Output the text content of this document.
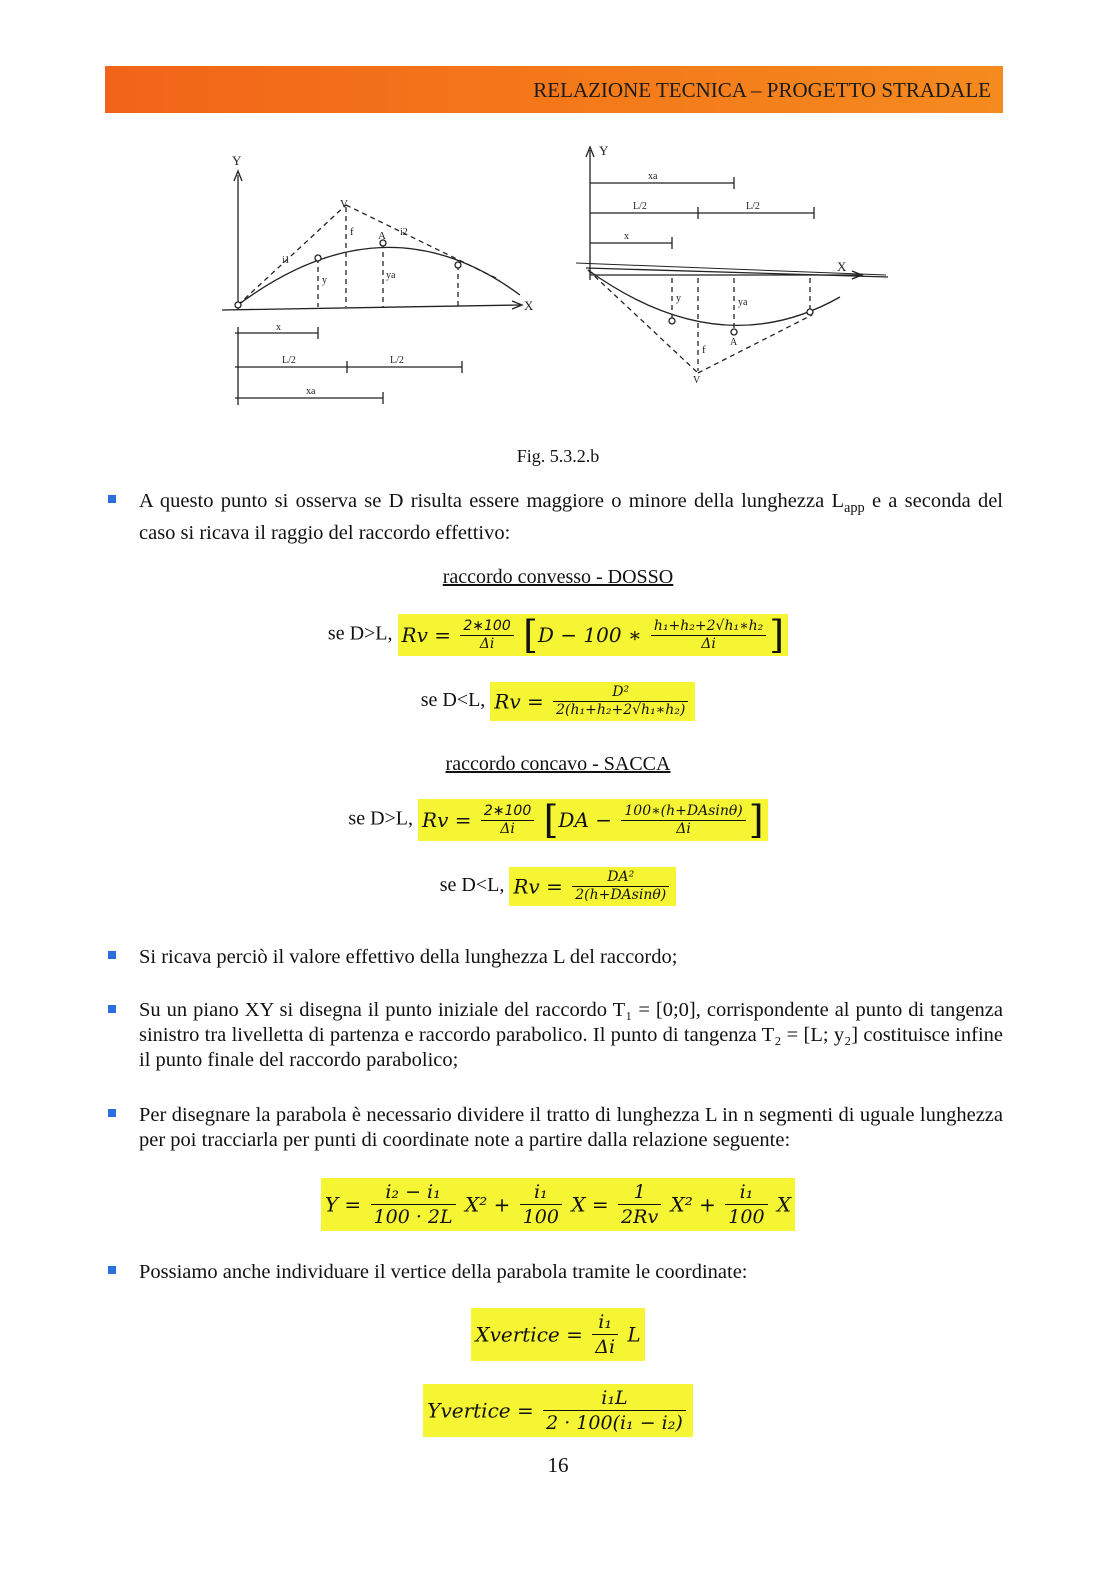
RELAZIONE TECNICA – PROGETTO STRADALE
Y
X
V
A
f
y	ya
i1
i2
x
L/2	L/2
xa
Y
X
xa
L/2	L/2
x
y	ya
f
A
V
Fig. 5.3.2.b
A questo punto si osserva se D risulta essere maggiore o minore della lunghezza $L_{app}$ e a seconda del caso si ricava il raggio del raccordo effettivo:
raccordo convesso - DOSSO
se D>L, $Rv = \frac{2∗100}{\Delta i} [D - 100$ ∗ $\frac{\text{h₁+h₂+2√h₁∗h₂}}{\Delta i}$ ]
se D<L, $Rv = \frac{\text{D²}}{\text{2(h₁+h₂+2√h₁∗h₂)}}$
raccordo concavo - SACCA
se D>L, $Rv = \frac{2∗100}{\Delta i} [DA - \frac{100∗(h+DAsin\theta)}{\Delta i}$ ]
se D<L, $Rv = \frac{\text{DA²}}{2(h+DAsin\theta)}$
Si ricava perciò il valore effettivo della lunghezza L del raccordo;
Su un piano XY si disegna il punto iniziale del raccordo T₁ = [0;0], corrispondente al punto di tangenza sinistro tra livelletta di partenza e raccordo parabolico. Il punto di tangenza T₂ = [L; y₂] costituisce infine il punto finale del raccordo parabolico;
Per disegnare la parabola è necessario dividere il tratto di lunghezza L in n segmenti di uguale lunghezza per poi tracciarla per punti di coordinate note a partire dalla relazione seguente:
$Y = \frac{\text{i₂ − i₁}}{100 \cdot 2L} X^2 + \frac{\text{i₁}}{100}$ $X = \frac{1}{2Rv} X^2 + \frac{\text{i₁}}{100}$ X
Possiamo anche individuare il vertice della parabola tramite le coordinate:
Xvertice = $\frac{\text{i₁}}{\Delta i}$ L
Yvertice = $\frac{\text{i₁L}}{\text{2 · 100(i₁ − i₂)}}$
16
